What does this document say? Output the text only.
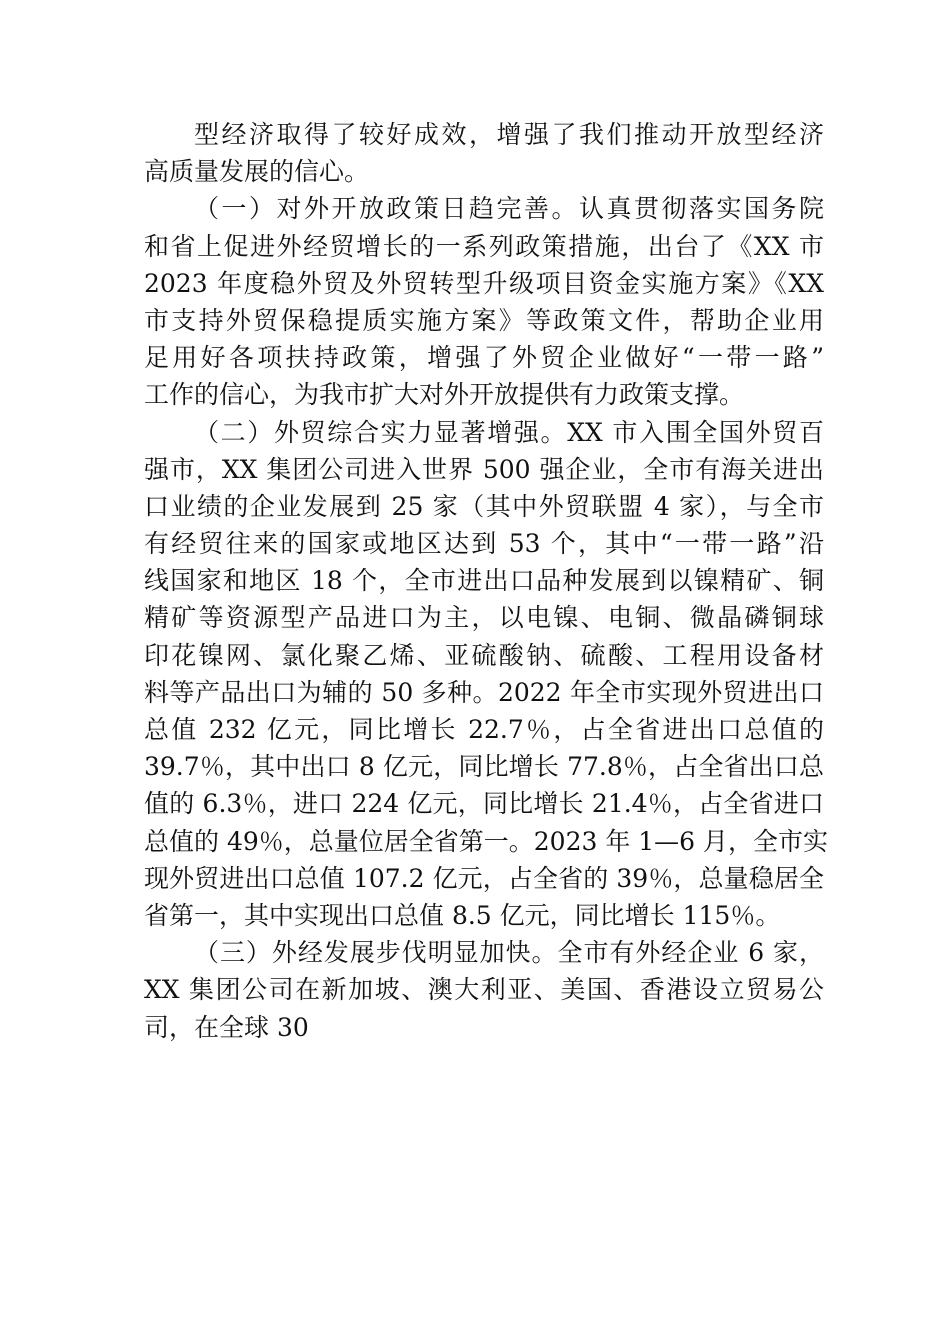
型经济取得了较好成效，增强了我们推动开放型经济
高质量发展的信心。
（一）对外开放政策日趋完善。认真贯彻落实国务院
和省上促进外经贸增长的一系列政策措施，出台了《XX 市
2023 年度稳外贸及外贸转型升级项目资金实施方案》《XX
市支持外贸保稳提质实施方案》等政策文件，帮助企业用
足用好各项扶持政策，增强了外贸企业做好“一带一路”
工作的信心，为我市扩大对外开放提供有力政策支撑。
（二）外贸综合实力显著增强。XX 市入围全国外贸百
强市，XX 集团公司进入世界 500 强企业，全市有海关进出
口业绩的企业发展到 25 家（其中外贸联盟 4 家），与全市
有经贸往来的国家或地区达到 53 个，其中“一带一路”沿
线国家和地区 18 个，全市进出口品种发展到以镍精矿、铜
精矿等资源型产品进口为主，以电镍、电铜、微晶磷铜球
印花镍网、氯化聚乙烯、亚硫酸钠、硫酸、工程用设备材
料等产品出口为辅的 50 多种。2022 年全市实现外贸进出口
总值 232 亿元，同比增长 22.7％，占全省进出口总值的
39.7％，其中出口 8 亿元，同比增长 77.8％，占全省出口总
值的 6.3％，进口 224 亿元，同比增长 21.4％，占全省进口
总值的 49％，总量位居全省第一。2023 年 1—6 月，全市实
现外贸进出口总值 107.2 亿元，占全省的 39％，总量稳居全
省第一，其中实现出口总值 8.5 亿元，同比增长 115％。
（三）外经发展步伐明显加快。全市有外经企业 6 家，
XX 集团公司在新加坡、澳大利亚、美国、香港设立贸易公
司，在全球 30
